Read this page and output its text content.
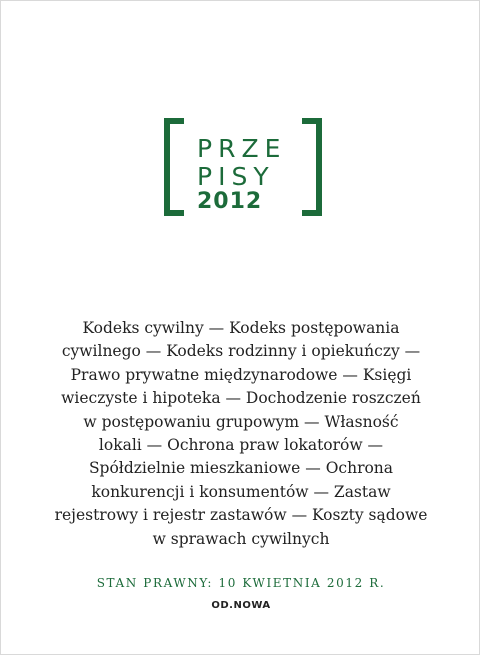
PRZE
PISY
2012
Kodeks cywilny — Kodeks postępowania
cywilnego — Kodeks rodzinny i opiekuńczy —
Prawo prywatne międzynarodowe — Księgi
wieczyste i hipoteka — Dochodzenie roszczeń
w postępowaniu grupowym — Własność
lokali — Ochrona praw lokatorów —
Spółdzielnie mieszkaniowe — Ochrona
konkurencji i konsumentów — Zastaw
rejestrowy i rejestr zastawów — Koszty sądowe
w sprawach cywilnych
STAN PRAWNY: 10 KWIETNIA 2012 R.
OD.NOWA
